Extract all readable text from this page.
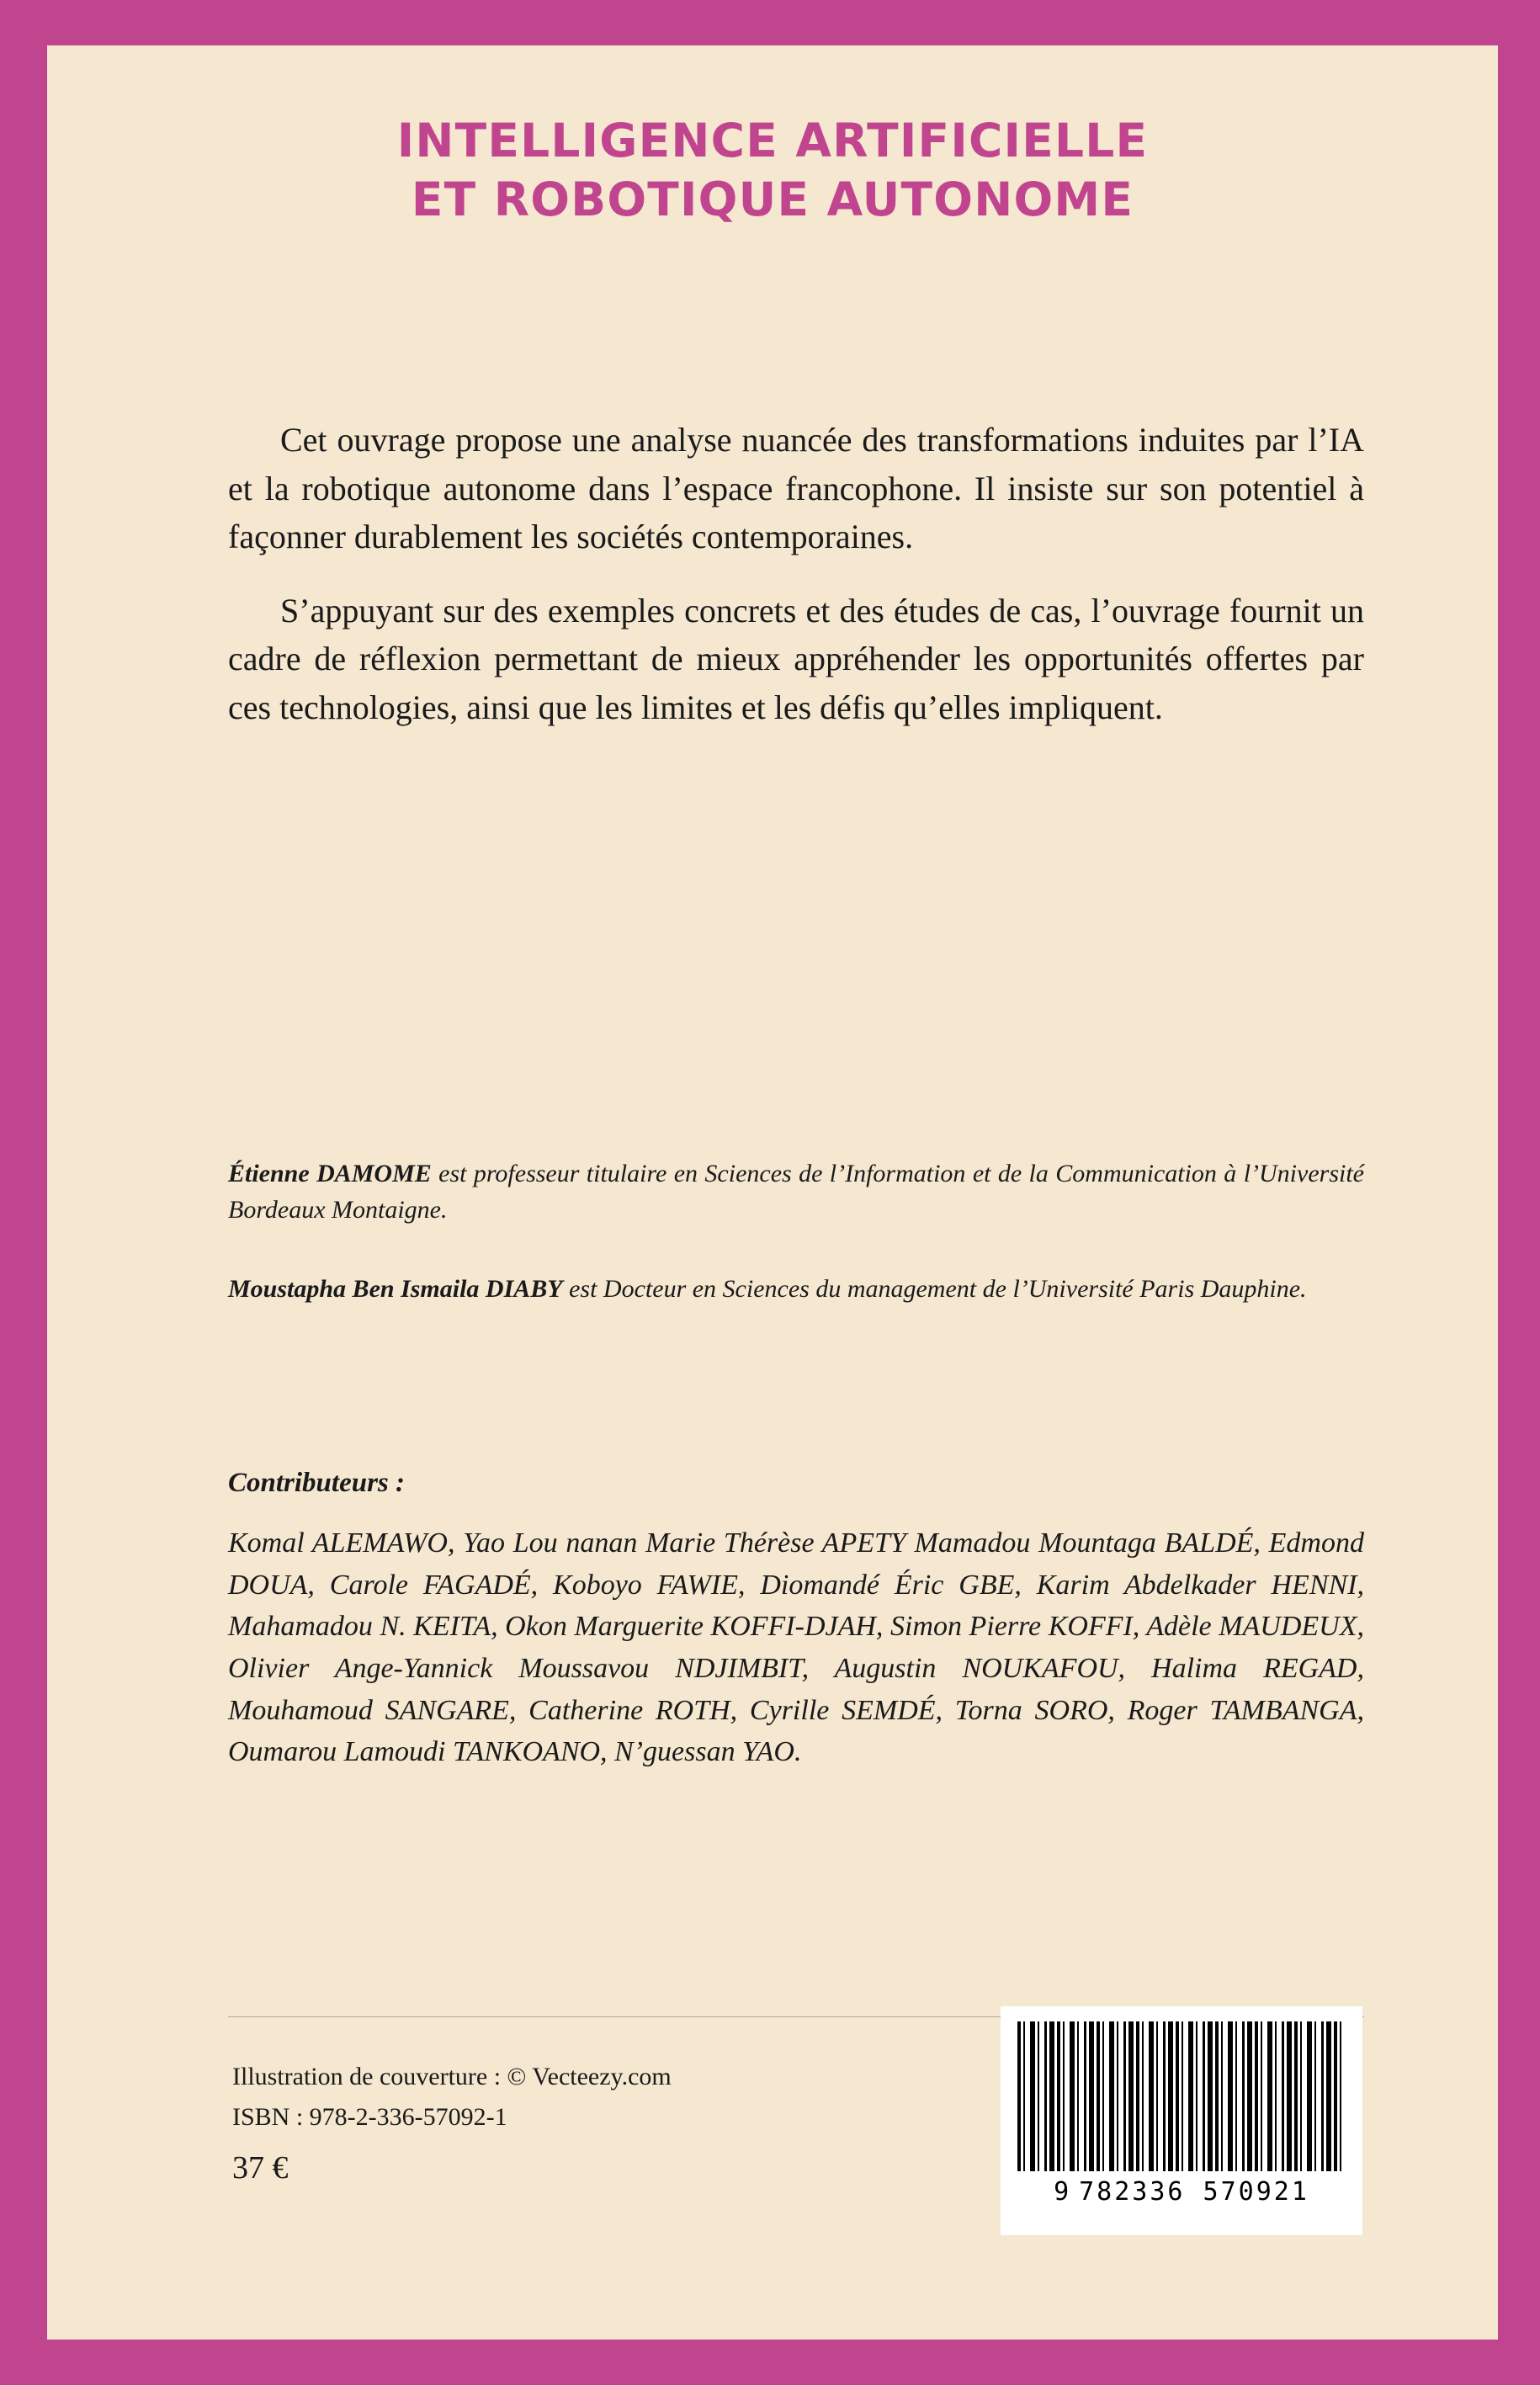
INTELLIGENCE ARTIFICIELLE
ET ROBOTIQUE AUTONOME

Cet ouvrage propose une analyse nuancée des transformations induites par l’IA et la robotique autonome dans l’espace francophone. Il insiste sur son potentiel à façonner durablement les sociétés contemporaines.

S’appuyant sur des exemples concrets et des études de cas, l’ouvrage fournit un cadre de réflexion permettant de mieux appréhender les opportunités offertes par ces technologies, ainsi que les limites et les défis qu’elles impliquent.

Étienne DAMOME est professeur titulaire en Sciences de l’Information et de la Communication à l’Université Bordeaux Montaigne.

Moustapha Ben Ismaila DIABY est Docteur en Sciences du management de l’Université Paris Dauphine.

Contributeurs :
Komal ALEMAWO, Yao Lou nanan Marie Thérèse APETY Mamadou Mountaga BALDÉ, Edmond DOUA, Carole FAGADÉ, Koboyo FAWIE, Diomandé Éric GBE, Karim Abdelkader HENNI, Mahamadou N. KEITA, Okon Marguerite KOFFI-DJAH, Simon Pierre KOFFI, Adèle MAUDEUX, Olivier Ange-Yannick Moussavou NDJIMBIT, Augustin NOUKAFOU, Halima REGAD, Mouhamoud SANGARE, Catherine ROTH, Cyrille SEMDÉ, Torna SORO, Roger TAMBANGA, Oumarou Lamoudi TANKOANO, N’guessan YAO.
Illustration de couverture : © Vecteezy.com
ISBN : 978-2-336-57092-1
37 €
9 782336 570921
